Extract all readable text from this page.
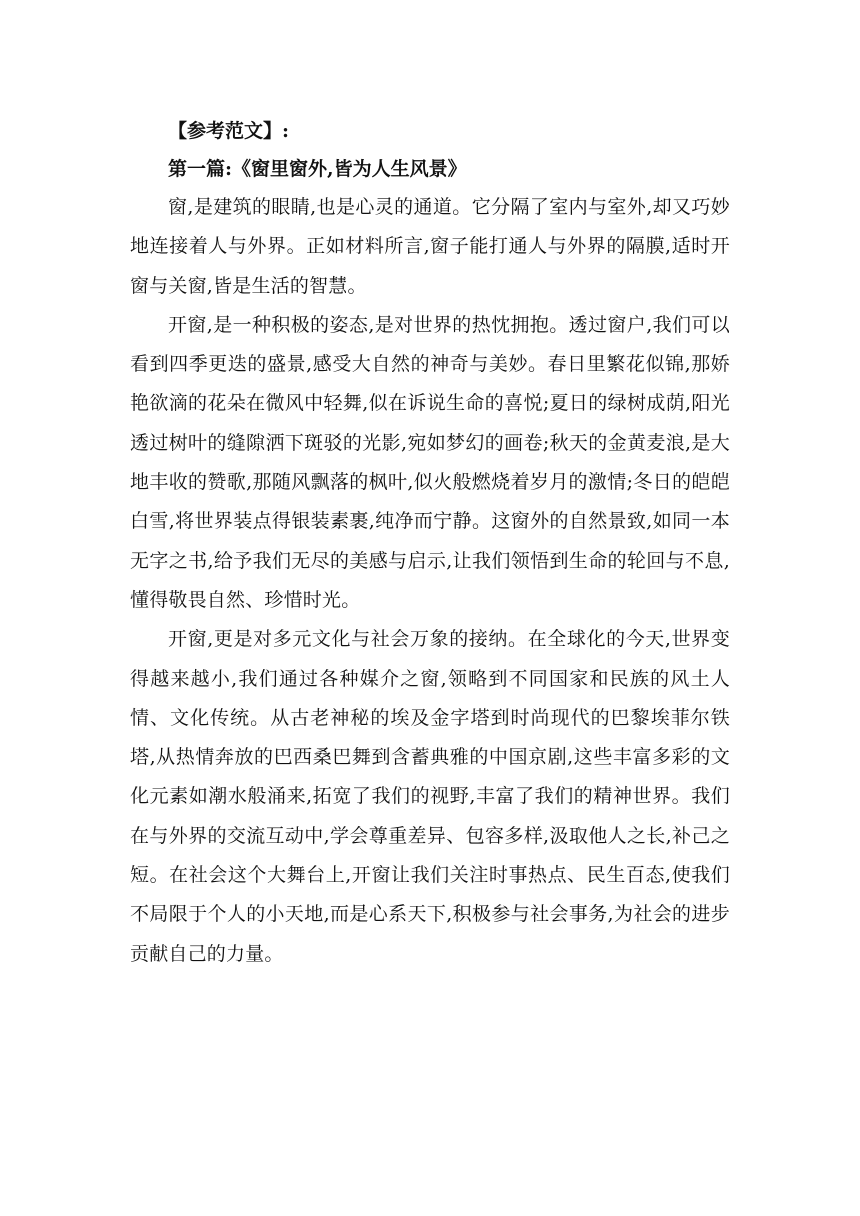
【参考范文】:

第一篇:《窗里窗外,皆为人生风景》

窗,是建筑的眼睛,也是心灵的通道。它分隔了室内与室外,却又巧妙地连接着人与外界。正如材料所言,窗子能打通人与外界的隔膜,适时开窗与关窗,皆是生活的智慧。

开窗,是一种积极的姿态,是对世界的热忱拥抱。透过窗户,我们可以看到四季更迭的盛景,感受大自然的神奇与美妙。春日里繁花似锦,那娇艳欲滴的花朵在微风中轻舞,似在诉说生命的喜悦;夏日的绿树成荫,阳光透过树叶的缝隙洒下斑驳的光影,宛如梦幻的画卷;秋天的金黄麦浪,是大地丰收的赞歌,那随风飘落的枫叶,似火般燃烧着岁月的激情;冬日的皑皑白雪,将世界装点得银装素裹,纯净而宁静。这窗外的自然景致,如同一本无字之书,给予我们无尽的美感与启示,让我们领悟到生命的轮回与不息,懂得敬畏自然、珍惜时光。

开窗,更是对多元文化与社会万象的接纳。在全球化的今天,世界变得越来越小,我们通过各种媒介之窗,领略到不同国家和民族的风土人情、文化传统。从古老神秘的埃及金字塔到时尚现代的巴黎埃菲尔铁塔,从热情奔放的巴西桑巴舞到含蓄典雅的中国京剧,这些丰富多彩的文化元素如潮水般涌来,拓宽了我们的视野,丰富了我们的精神世界。我们在与外界的交流互动中,学会尊重差异、包容多样,汲取他人之长,补己之短。在社会这个大舞台上,开窗让我们关注时事热点、民生百态,使我们不局限于个人的小天地,而是心系天下,积极参与社会事务,为社会的进步贡献自己的力量。
